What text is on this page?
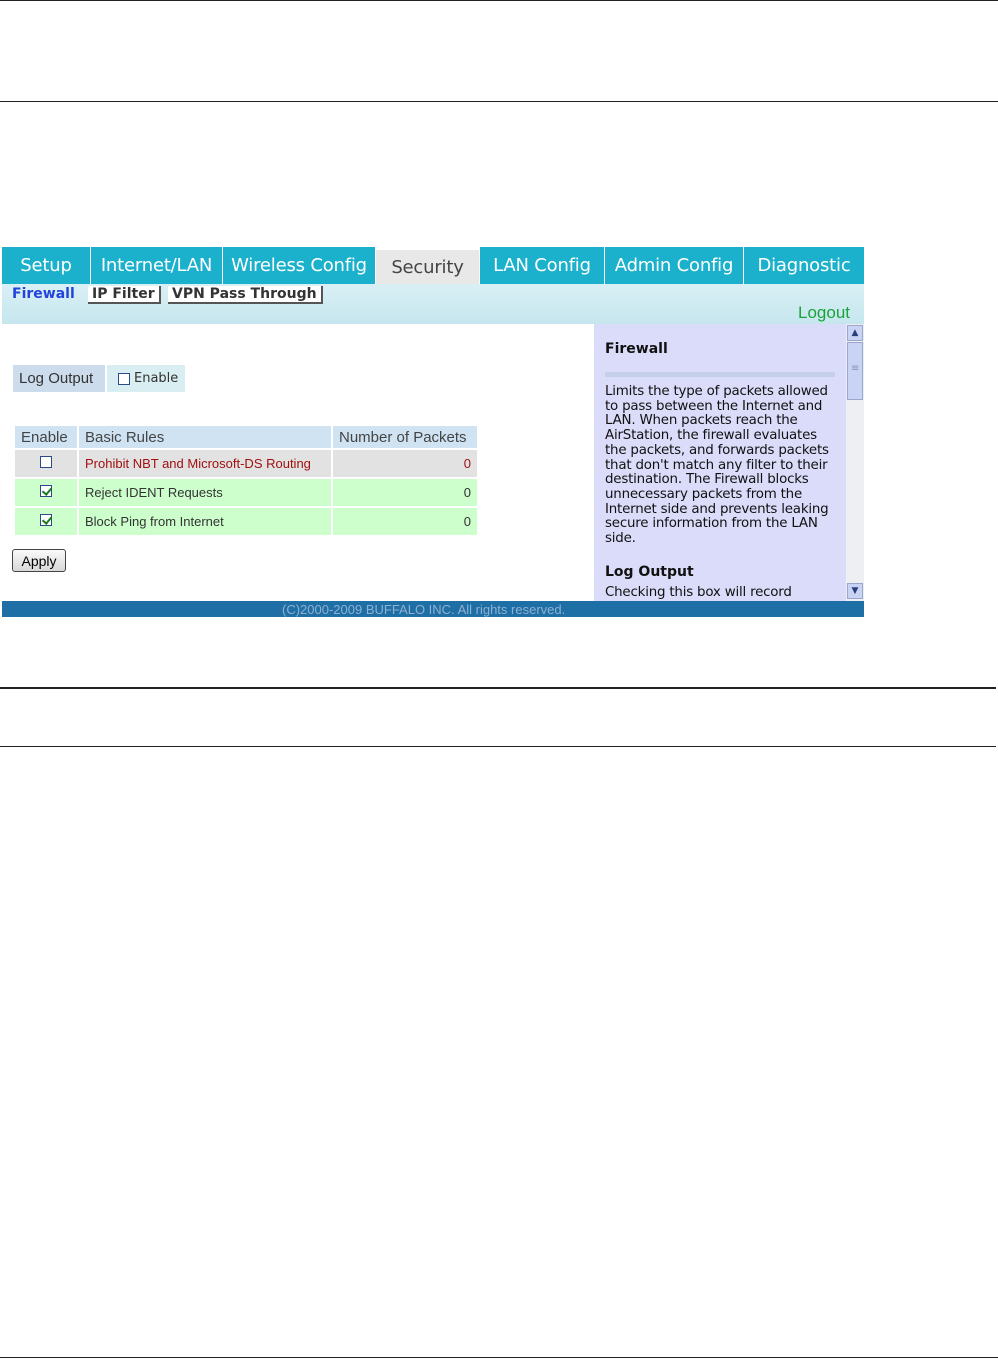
Setup	Internet/LAN	Wireless Config	Security	LAN Config	Admin Config	Diagnostic
Firewall IP Filter	VPN Pass Through
Logout
Log Output	Enable
Enable	Basic Rules	Number of Packets
	Prohibit NBT and Microsoft-DS Routing	0
	Reject IDENT Requests	0
	Block Ping from Internet	0
Apply
Firewall
Limits the type of packets allowed to pass between the Internet and LAN. When packets reach the AirStation, the firewall evaluates the packets, and forwards packets that don't match any filter to their destination. The Firewall blocks unnecessary packets from the Internet side and prevents leaking secure information from the LAN side.
Log Output
Checking this box will record
▲
≡
▼
(C)2000-2009 BUFFALO INC. All rights reserved.
